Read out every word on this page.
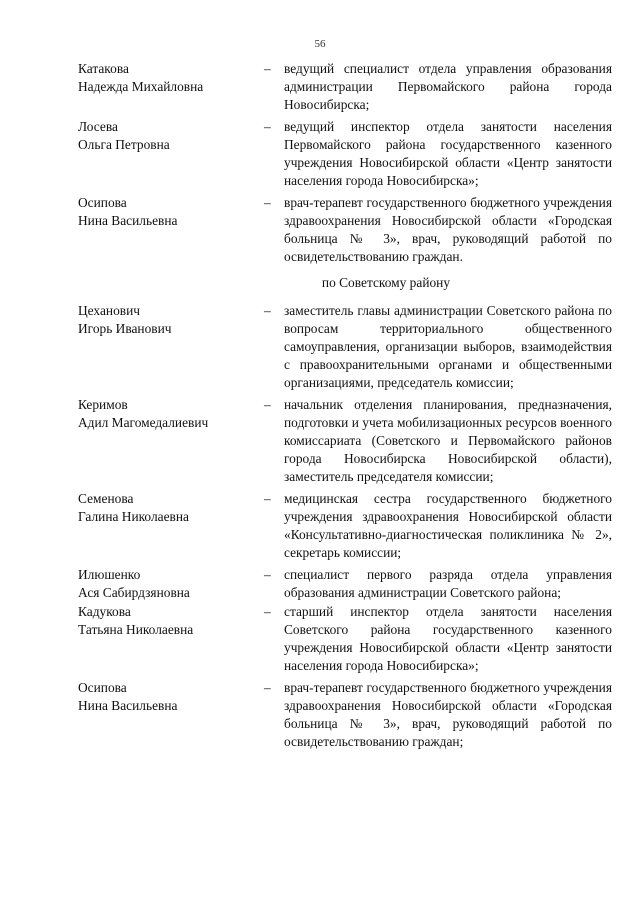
56
Катакова
Надежда Михайловна
– ведущий специалист отдела управления образования администрации Первомайского района города Новосибирска;
Лосева
Ольга Петровна
– ведущий инспектор отдела занятости населения Первомайского района государственного казенного учреждения Новосибирской области «Центр занятости населения города Новосибирска»;
Осипова
Нина Васильевна
– врач-терапевт государственного бюджетного учреждения здравоохранения Новосибирской области «Городская больница № 3», врач, руководящий работой по освидетельствованию граждан.
по Советскому району
Цеханович
Игорь Иванович
– заместитель главы администрации Советского района по вопросам территориального общественного самоуправления, организации выборов, взаимодействия с правоохранительными органами и общественными организациями, председатель комиссии;
Керимов
Адил Магомедалиевич
– начальник отделения планирования, предназначения, подготовки и учета мобилизационных ресурсов военного комиссариата (Советского и Первомайского районов города Новосибирска Новосибирской области), заместитель председателя комиссии;
Семенова
Галина Николаевна
– медицинская сестра государственного бюджетного учреждения здравоохранения Новосибирской области «Консультативно-диагностическая поликлиника № 2», секретарь комиссии;
Илюшенко
Ася Сабирдзяновна
– специалист первого разряда отдела управления образования администрации Советского района;
Кадукова
Татьяна Николаевна
– старший инспектор отдела занятости населения Советского района государственного казенного учреждения Новосибирской области «Центр занятости населения города Новосибирска»;
Осипова
Нина Васильевна
– врач-терапевт государственного бюджетного учреждения здравоохранения Новосибирской области «Городская больница № 3», врач, руководящий работой по освидетельствованию граждан;
